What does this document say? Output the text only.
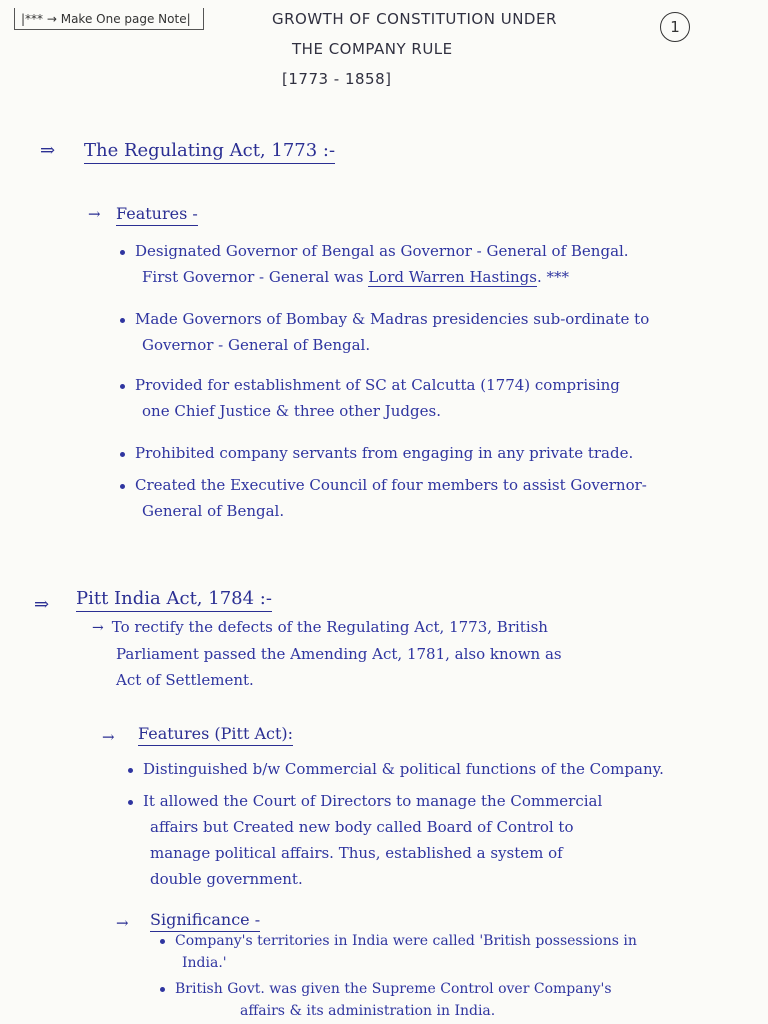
|*** → Make One page Note|	GROWTH OF CONSTITUTION UNDER
THE COMPANY RULE
[1773 - 1858]
1
⇒ The Regulating Act, 1773 :-
→ Features -
Designated Governor of Bengal as Governor - General of Bengal.
First Governor - General was Lord Warren Hastings. ***
Made Governors of Bombay & Madras presidencies sub-ordinate to
Governor - General of Bengal.
Provided for establishment of SC at Calcutta (1774) comprising
one Chief Justice & three other Judges.
Prohibited company servants from engaging in any private trade.
Created the Executive Council of four members to assist Governor-
General of Bengal.
⇒ Pitt India Act, 1784 :-
→ To rectify the defects of the Regulating Act, 1773, British
Parliament passed the Amending Act, 1781, also known as
Act of Settlement.
→ Features (Pitt Act):
Distinguished b/w Commercial & political functions of the Company.
It allowed the Court of Directors to manage the Commercial
affairs but Created new body called Board of Control to
manage political affairs. Thus, established a system of
double government.
→ Significance -
Company's territories in India were called 'British possessions in
India.'
British Govt. was given the Supreme Control over Company's
affairs & its administration in India.
